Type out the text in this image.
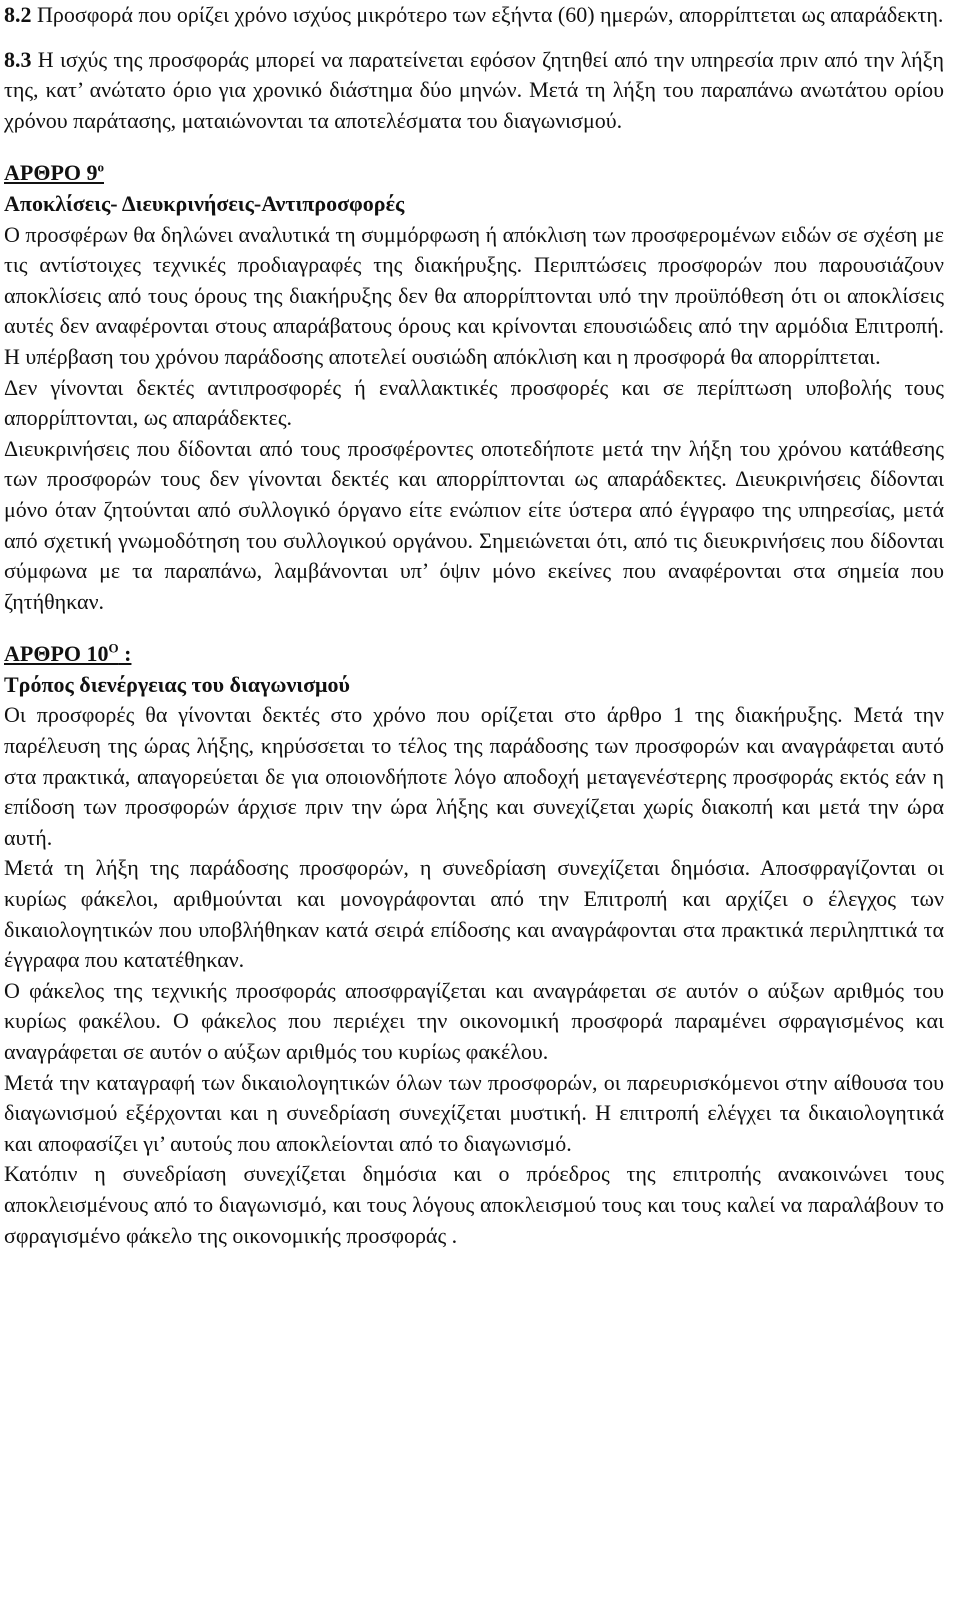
8.2 Προσφορά που ορίζει χρόνο ισχύος μικρότερο των εξήντα (60) ημερών, απορρίπτεται ως απαράδεκτη.

8.3 Η ισχύς της προσφοράς μπορεί να παρατείνεται εφόσον ζητηθεί από την υπηρεσία πριν από την λήξη της, κατ’ ανώτατο όριο για χρονικό διάστημα δύο μηνών. Μετά τη λήξη του παραπάνω ανωτάτου ορίου χρόνου παράτασης, ματαιώνονται τα αποτελέσματα του διαγωνισμού.

ΑΡΘΡΟ $9^o$

Αποκλίσεις- Διευκρινήσεις-Αντιπροσφορές

Ο προσφέρων θα δηλώνει αναλυτικά τη συμμόρφωση ή απόκλιση των προσφερομένων ειδών σε σχέση με τις αντίστοιχες τεχνικές προδιαγραφές της διακήρυξης. Περιπτώσεις προσφορών που παρουσιάζουν αποκλίσεις από τους όρους της διακήρυξης δεν θα απορρίπτονται υπό την προϋπόθεση ότι οι αποκλίσεις αυτές δεν αναφέρονται στους απαράβατους όρους και κρίνονται επουσιώδεις από την αρμόδια Επιτροπή. Η υπέρβαση του χρόνου παράδοσης αποτελεί ουσιώδη απόκλιση και η προσφορά θα απορρίπτεται.

Δεν γίνονται δεκτές αντιπροσφορές ή εναλλακτικές προσφορές και σε περίπτωση υποβολής τους απορρίπτονται, ως απαράδεκτες.

Διευκρινήσεις που δίδονται από τους προσφέροντες οποτεδήποτε μετά την λήξη του χρόνου κατάθεσης των προσφορών τους δεν γίνονται δεκτές και απορρίπτονται ως απαράδεκτες. Διευκρινήσεις δίδονται μόνο όταν ζητούνται από συλλογικό όργανο είτε ενώπιον είτε ύστερα από έγγραφο της υπηρεσίας, μετά από σχετική γνωμοδότηση του συλλογικού οργάνου. Σημειώνεται ότι, από τις διευκρινήσεις που δίδονται σύμφωνα με τα παραπάνω, λαμβάνονται υπ’ όψιν μόνο εκείνες που αναφέρονται στα σημεία που ζητήθηκαν.

ΑΡΘΡΟ $10^O$ :

Τρόπος διενέργειας του διαγωνισμού

Οι προσφορές θα γίνονται δεκτές στο χρόνο που ορίζεται στο άρθρο 1 της διακήρυξης. Μετά την παρέλευση της ώρας λήξης, κηρύσσεται το τέλος της παράδοσης των προσφορών και αναγράφεται αυτό στα πρακτικά, απαγορεύεται δε για οποιονδήποτε λόγο αποδοχή μεταγενέστερης προσφοράς εκτός εάν η επίδοση των προσφορών άρχισε πριν την ώρα λήξης και συνεχίζεται χωρίς διακοπή και μετά την ώρα αυτή.

Μετά τη λήξη της παράδοσης προσφορών, η συνεδρίαση συνεχίζεται δημόσια. Αποσφραγίζονται οι κυρίως φάκελοι, αριθμούνται και μονογράφονται από την Επιτροπή και αρχίζει ο έλεγχος των δικαιολογητικών που υποβλήθηκαν κατά σειρά επίδοσης και αναγράφονται στα πρακτικά περιληπτικά τα έγγραφα που κατατέθηκαν.

Ο φάκελος της τεχνικής προσφοράς αποσφραγίζεται και αναγράφεται σε αυτόν ο αύξων αριθμός του κυρίως φακέλου. Ο φάκελος που περιέχει την οικονομική προσφορά παραμένει σφραγισμένος και αναγράφεται σε αυτόν ο αύξων αριθμός του κυρίως φακέλου.

Μετά την καταγραφή των δικαιολογητικών όλων των προσφορών, οι παρευρισκόμενοι στην αίθουσα του διαγωνισμού εξέρχονται και η συνεδρίαση συνεχίζεται μυστική. Η επιτροπή ελέγχει τα δικαιολογητικά και αποφασίζει γι’ αυτούς που αποκλείονται από το διαγωνισμό.

Κατόπιν η συνεδρίαση συνεχίζεται δημόσια και ο πρόεδρος της επιτροπής ανακοινώνει τους αποκλεισμένους από το διαγωνισμό, και τους λόγους αποκλεισμού τους και τους καλεί να παραλάβουν το σφραγισμένο φάκελο της οικονομικής προσφοράς .
